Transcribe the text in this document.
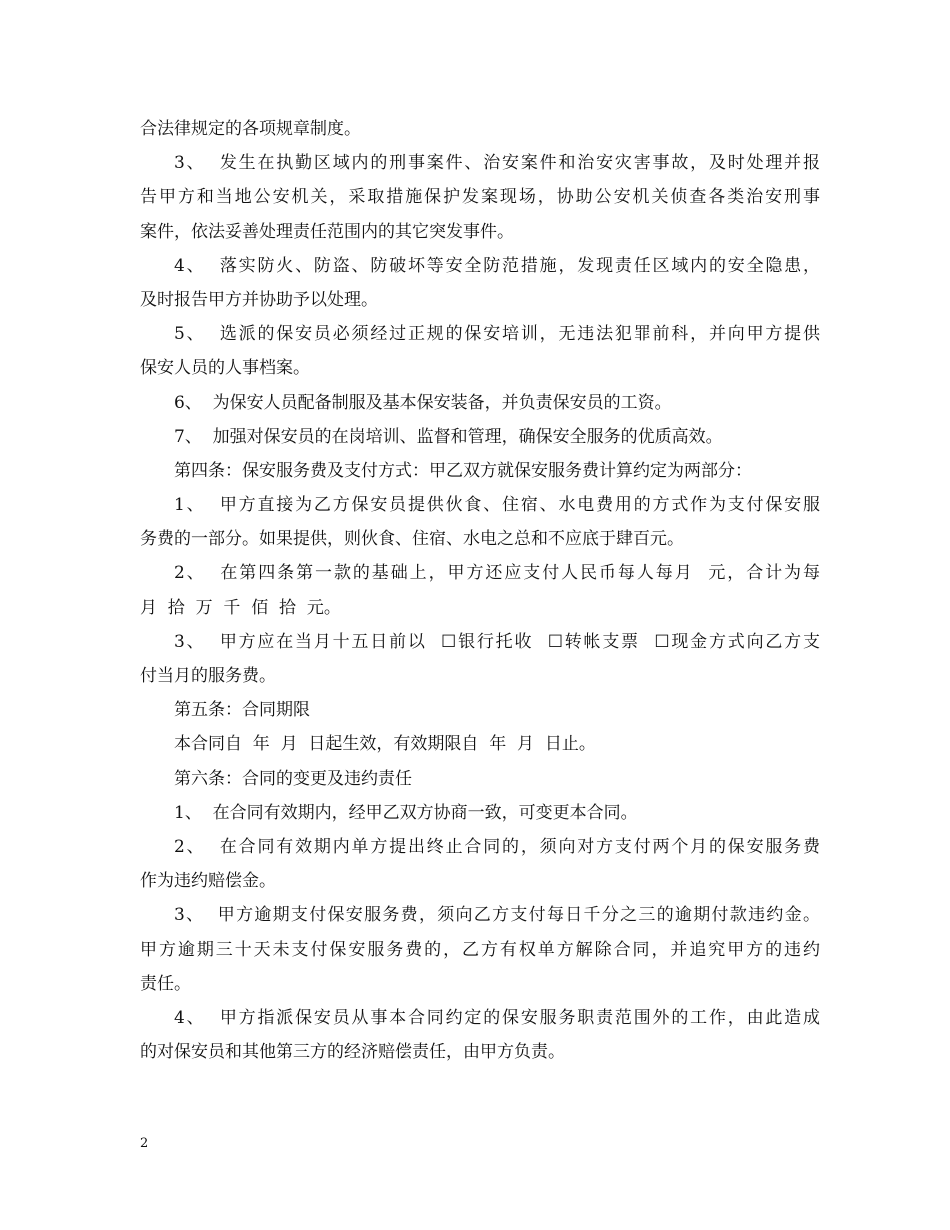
合法律规定的各项规章制度。
3、  发生在执勤区域内的刑事案件、治安案件和治安灾害事故，及时处理并报
告甲方和当地公安机关，采取措施保护发案现场，协助公安机关侦查各类治安刑事
案件，依法妥善处理责任范围内的其它突发事件。
4、  落实防火、防盗、防破坏等安全防范措施，发现责任区域内的安全隐患，
及时报告甲方并协助予以处理。
5、  选派的保安员必须经过正规的保安培训，无违法犯罪前科，并向甲方提供
保安人员的人事档案。
6、  为保安人员配备制服及基本保安装备，并负责保安员的工资。
7、  加强对保安员的在岗培训、监督和管理，确保安全服务的优质高效。
第四条：保安服务费及支付方式：甲乙双方就保安服务费计算约定为两部分：
1、  甲方直接为乙方保安员提供伙食、住宿、水电费用的方式作为支付保安服
务费的一部分。如果提供，则伙食、住宿、水电之总和不应底于肆百元。
2、  在第四条第一款的基础上，甲方还应支付人民币每人每月  元，合计为每
月  拾  万  千  佰  拾  元。
3、  甲方应在当月十五日前以  ☐银行托收  ☐转帐支票  ☐现金方式向乙方支
付当月的服务费。
第五条：合同期限
本合同自  年  月  日起生效，有效期限自  年  月  日止。
第六条：合同的变更及违约责任
1、  在合同有效期内，经甲乙双方协商一致，可变更本合同。
2、  在合同有效期内单方提出终止合同的，须向对方支付两个月的保安服务费
作为违约赔偿金。
3、  甲方逾期支付保安服务费，须向乙方支付每日千分之三的逾期付款违约金。
甲方逾期三十天未支付保安服务费的，乙方有权单方解除合同，并追究甲方的违约
责任。
4、  甲方指派保安员从事本合同约定的保安服务职责范围外的工作，由此造成
的对保安员和其他第三方的经济赔偿责任，由甲方负责。
2
